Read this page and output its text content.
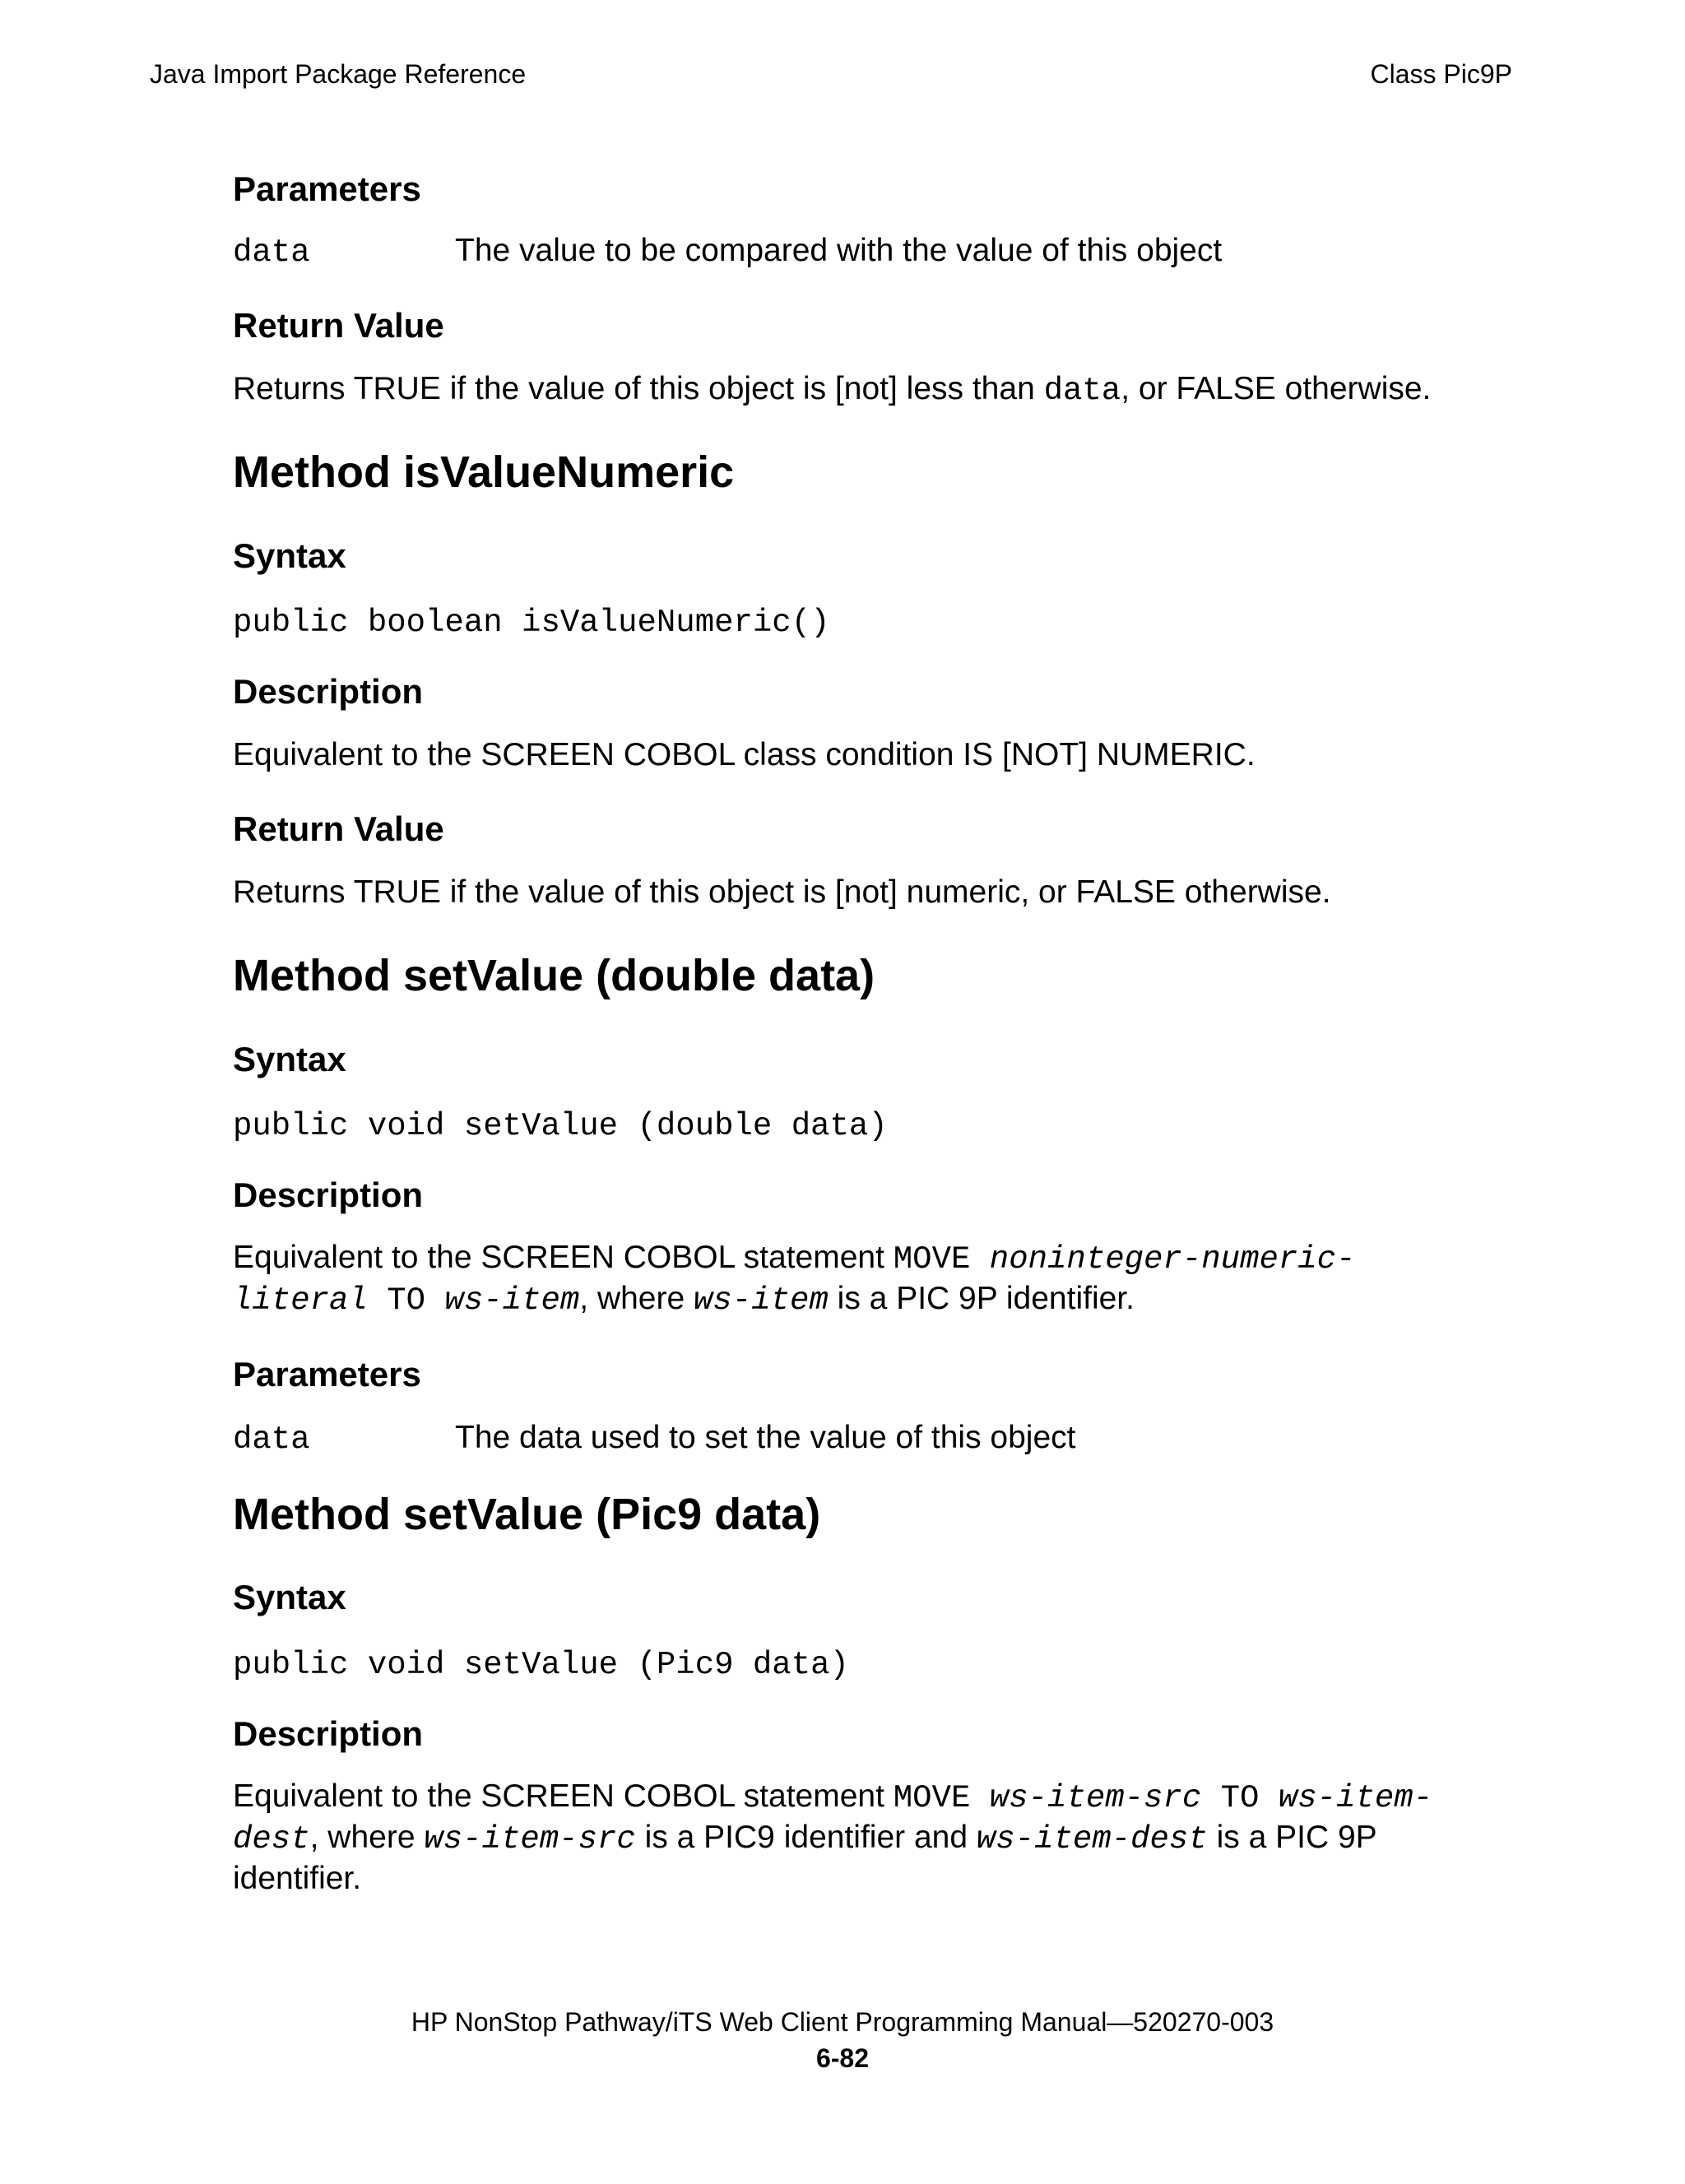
Java Import Package Reference	Class Pic9P
Parameters
data	The value to be compared with the value of this object
Return Value
Returns TRUE if the value of this object is [not] less than data, or FALSE otherwise.
Method isValueNumeric
Syntax
public boolean isValueNumeric()
Description
Equivalent to the SCREEN COBOL class condition IS [NOT] NUMERIC.
Return Value
Returns TRUE if the value of this object is [not] numeric, or FALSE otherwise.
Method setValue (double data)
Syntax
public void setValue (double data)
Description
Equivalent to the SCREEN COBOL statement MOVE noninteger-numeric-
literal TO ws-item, where ws-item is a PIC 9P identifier.
Parameters
data	The data used to set the value of this object
Method setValue (Pic9 data)
Syntax
public void setValue (Pic9 data)
Description
Equivalent to the SCREEN COBOL statement MOVE ws-item-src TO ws-item-
dest, where ws-item-src is a PIC9 identifier and ws-item-dest is a PIC 9P
identifier.
HP NonStop Pathway/iTS Web Client Programming Manual—520270-003
6-82
